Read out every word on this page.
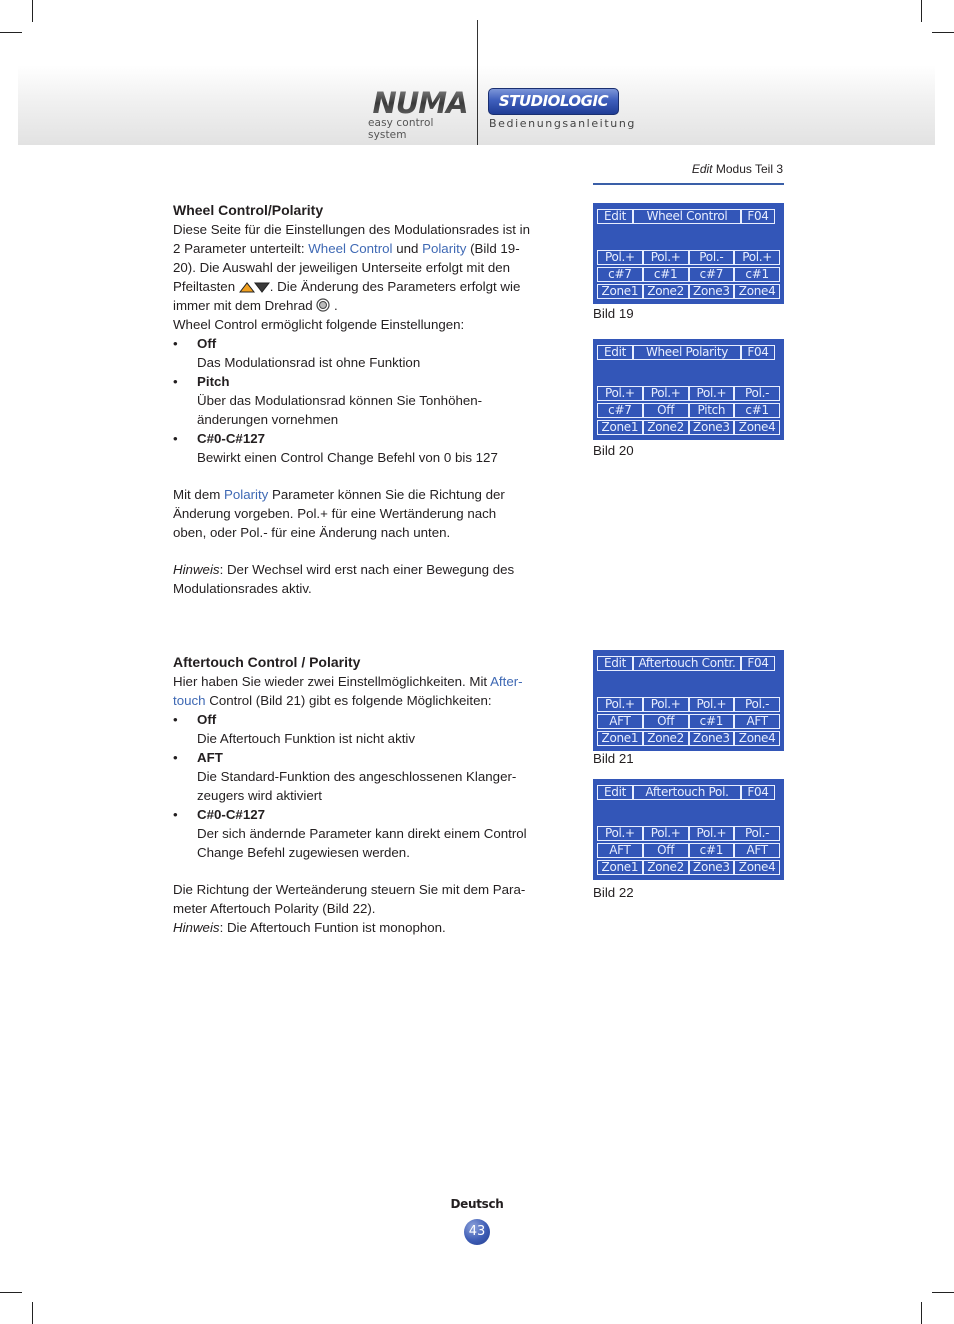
NUMA
easy control system
STUDIOLOGIC
Bedienungsanleitung
Edit Modus Teil 3
Wheel Control/Polarity

Diese Seite für die Einstellungen des Modulationsrades ist in

2 Parameter unterteilt: Wheel Control und Polarity (Bild 19-

20). Die Auswahl der jeweiligen Unterseite erfolgt mit den

Pfeiltasten . Die Änderung des Parameters erfolgt wie

immer mit dem Drehrad  .

Wheel Control ermöglicht folgende Einstellungen:

• Off
Das Modulationsrad ist ohne Funktion
• Pitch
Über das Modulationsrad können Sie Tonhöhen-
änderungen vornehmen
• C#0-C#127
Bewirkt einen Control Change Befehl von 0 bis 127

Mit dem Polarity Parameter können Sie die Richtung der

Änderung vorgeben. Pol.+ für eine Wertänderung nach

oben, oder Pol.- für eine Änderung nach unten.

Hinweis: Der Wechsel wird erst nach einer Bewegung des

Modulationsrades aktiv.

Aftertouch Control / Polarity

Hier haben Sie wieder zwei Einstellmöglichkeiten. Mit After-

touch Control (Bild 21) gibt es folgende Möglichkeiten:

• Off
Die Aftertouch Funktion ist nicht aktiv
• AFT
Die Standard-Funktion des angeschlossenen Klanger-
zeugers wird aktiviert
• C#0-C#127
Der sich ändernde Parameter kann direkt einem Control
Change Befehl zugewiesen werden.

Die Richtung der Werteänderung steuern Sie mit dem Para-

meter Aftertouch Polarity (Bild 22).

Hinweis: Die Aftertouch Funtion ist monophon.

Edit	Wheel Control	F04
Pol.+	Pol.+	Pol.-	Pol.+
c#7	c#1	c#7	c#1
Zone1 Zone2 Zone3 Zone4
Bild 19
Edit	Wheel Polarity	F04
Pol.+	Pol.+	Pol.+	Pol.-
c#7	Off	Pitch	c#1
Zone1 Zone2 Zone3 Zone4
Bild 20
Edit	Aftertouch Contr. F04
Pol.+	Pol.+	Pol.+	Pol.-
AFT	Off	c#1	AFT
Zone1 Zone2 Zone3 Zone4
Bild 21
Edit	Aftertouch Pol.	F04
Pol.+	Pol.+	Pol.+	Pol.-
AFT	Off	c#1	AFT
Zone1 Zone2 Zone3 Zone4
Bild 22
Deutsch
43
